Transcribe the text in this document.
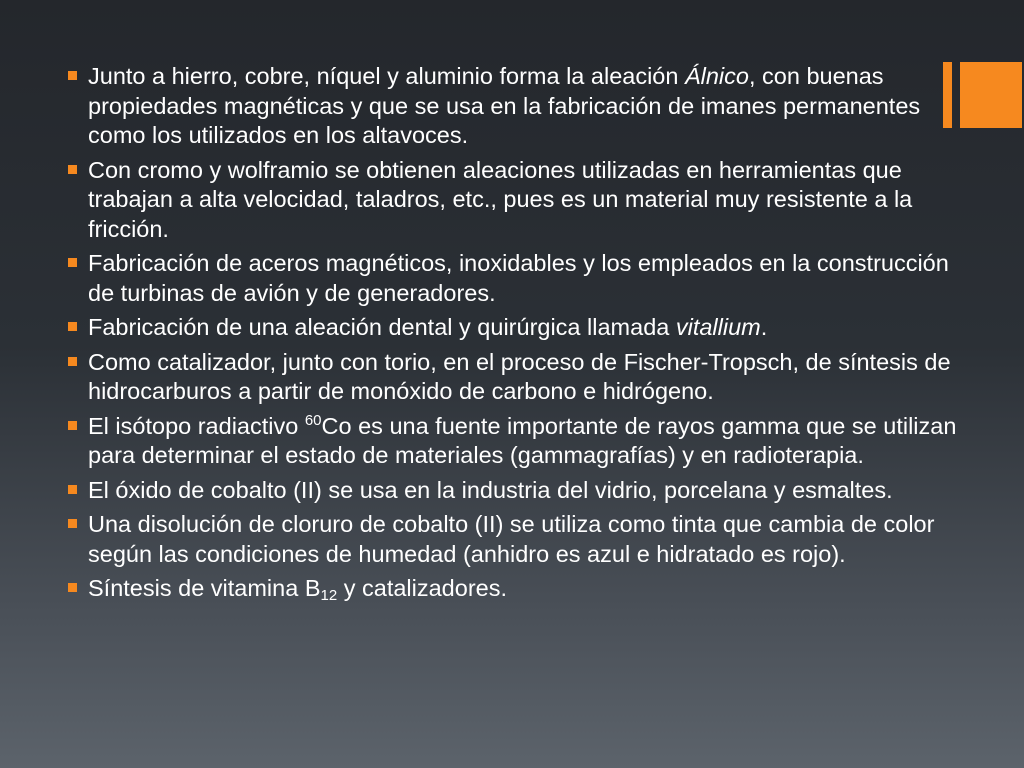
Junto a hierro, cobre, níquel y aluminio forma la aleación Álnico, con buenas propiedades magnéticas y que se usa en la fabricación de imanes permanentes como los utilizados en los altavoces.
Con cromo y wolframio se obtienen aleaciones utilizadas en herramientas que trabajan a alta velocidad, taladros, etc., pues es un material muy resistente a la fricción.
Fabricación de aceros magnéticos, inoxidables y los empleados en la construcción de turbinas de avión y de generadores.
Fabricación de una aleación dental y quirúrgica llamada vitallium.
Como catalizador, junto con torio, en el proceso de Fischer-Tropsch, de síntesis de hidrocarburos a partir de monóxido de carbono e hidrógeno.
El isótopo radiactivo $^{60}$Co es una fuente importante de rayos gamma que se utilizan para determinar el estado de materiales (gammagrafías) y en radioterapia.
El óxido de cobalto (II) se usa en la industria del vidrio, porcelana y esmaltes.
Una disolución de cloruro de cobalto (II) se utiliza como tinta que cambia de color según las condiciones de humedad (anhidro es azul e hidratado es rojo).
Síntesis de vitamina $B_{12}$ y catalizadores.
